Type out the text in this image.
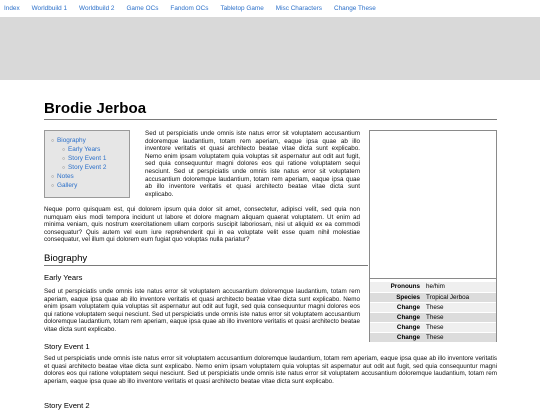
Index	Worldbuild 1	Worldbuild 2	Game OCs	Fandom OCs	Tabletop Game	Misc Characters	Change These
Brodie Jerboa
○ Biography
○ Early Years
○ Story Event 1
○ Story Event 2
○ Notes
○ Gallery

Sed ut perspiciatis unde omnis iste natus error sit voluptatem accusantium doloremque laudantium, totam rem aperiam, eaque ipsa quae ab illo inventore veritatis et quasi architecto beatae vitae dicta sunt explicabo. Nemo enim ipsam voluptatem quia voluptas sit aspernatur aut odit aut fugit, sed quia consequuntur magni dolores eos qui ratione voluptatem sequi nesciunt. Sed ut perspiciatis unde omnis iste natus error sit voluptatem accusantium doloremque laudantium, totam rem aperiam, eaque ipsa quae ab illo inventore veritatis et quasi architecto beatae vitae dicta sunt explicabo.

Neque porro quisquam est, qui dolorem ipsum quia dolor sit amet, consectetur, adipisci velit, sed quia non numquam eius modi tempora incidunt ut labore et dolore magnam aliquam quaerat voluptatem. Ut enim ad minima veniam, quis nostrum exercitationem ullam corporis suscipit laboriosam, nisi ut aliquid ex ea commodi consequatur? Quis autem vel eum iure reprehenderit qui in ea voluptate velit esse quam nihil molestiae consequatur, vel illum qui dolorem eum fugiat quo voluptas nulla pariatur?

Biography
Early Years

Sed ut perspiciatis unde omnis iste natus error sit voluptatem accusantium doloremque laudantium, totam rem aperiam, eaque ipsa quae ab illo inventore veritatis et quasi architecto beatae vitae dicta sunt explicabo. Nemo enim ipsam voluptatem quia voluptas sit aspernatur aut odit aut fugit, sed quia consequuntur magni dolores eos qui ratione voluptatem sequi nesciunt. Sed ut perspiciatis unde omnis iste natus error sit voluptatem accusantium doloremque laudantium, totam rem aperiam, eaque ipsa quae ab illo inventore veritatis et quasi architecto beatae vitae dicta sunt explicabo.

Story Event 1

Sed ut perspiciatis unde omnis iste natus error sit voluptatem accusantium doloremque laudantium, totam rem aperiam, eaque ipsa quae ab illo inventore veritatis et quasi architecto beatae vitae dicta sunt explicabo. Nemo enim ipsam voluptatem quia voluptas sit aspernatur aut odit aut fugit, sed quia consequuntur magni dolores eos qui ratione voluptatem sequi nesciunt. Sed ut perspiciatis unde omnis iste natus error sit voluptatem accusantium doloremque laudantium, totam rem aperiam, eaque ipsa quae ab illo inventore veritatis et quasi architecto beatae vitae dicta sunt explicabo.

Story Event 2
Pronouns	he/him
Species	Tropical Jerboa
Change	These
Change	These
Change	These
Change	These
